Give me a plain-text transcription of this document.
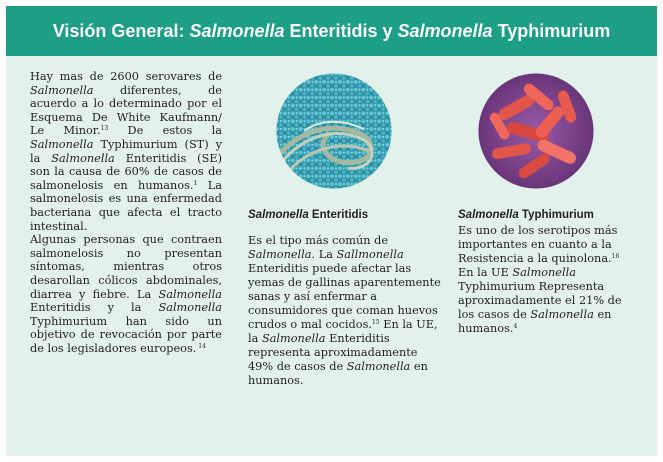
Visión General: Salmonella Enteritidis y Salmonella Typhimurium

Hay mas de 2600 serovares de Salmonella diferentes, de acuerdo a lo determinado por el Esquema De White Kaufmann/ Le Minor.$^{13}$ De estos la Salmonella Typhimurium (ST) y la Salmonella Enteritidis (SE) son la causa de 60% de casos de salmonelosis en humanos.$^1$ La salmonelosis es una enfermedad bacteriana que afecta el tracto intestinal.

Algunas personas que contraen salmonelosis no presentan síntomas, mientras otros desarollan cólicos abdominales, diarrea y fiebre. La Salmonella Enteritidis y la Salmonella Typhimurium han sido un objetivo de revocación por parte de los legisladores europeos. $^{14}$

Salmonella Enteritidis

Es el tipo más común de Salmonella. La Sallmonella Enteriditis puede afectar las yemas de gallinas aparentemente sanas y así enfermar a consumidores que coman huevos crudos o mal cocidos.$^{15}$ En la UE, la Salmonella Enteriditis representa aproximadamente 49% de casos de Salmonella en humanos.

Salmonella Typhimurium

Es uno de los serotipos más importantes en cuanto a la Resistencia a la quinolona.$^{16}$

En la UE Salmonella Typhimurium Representa aproximadamente el 21% de los casos de Salmonella en humanos.$^4$
